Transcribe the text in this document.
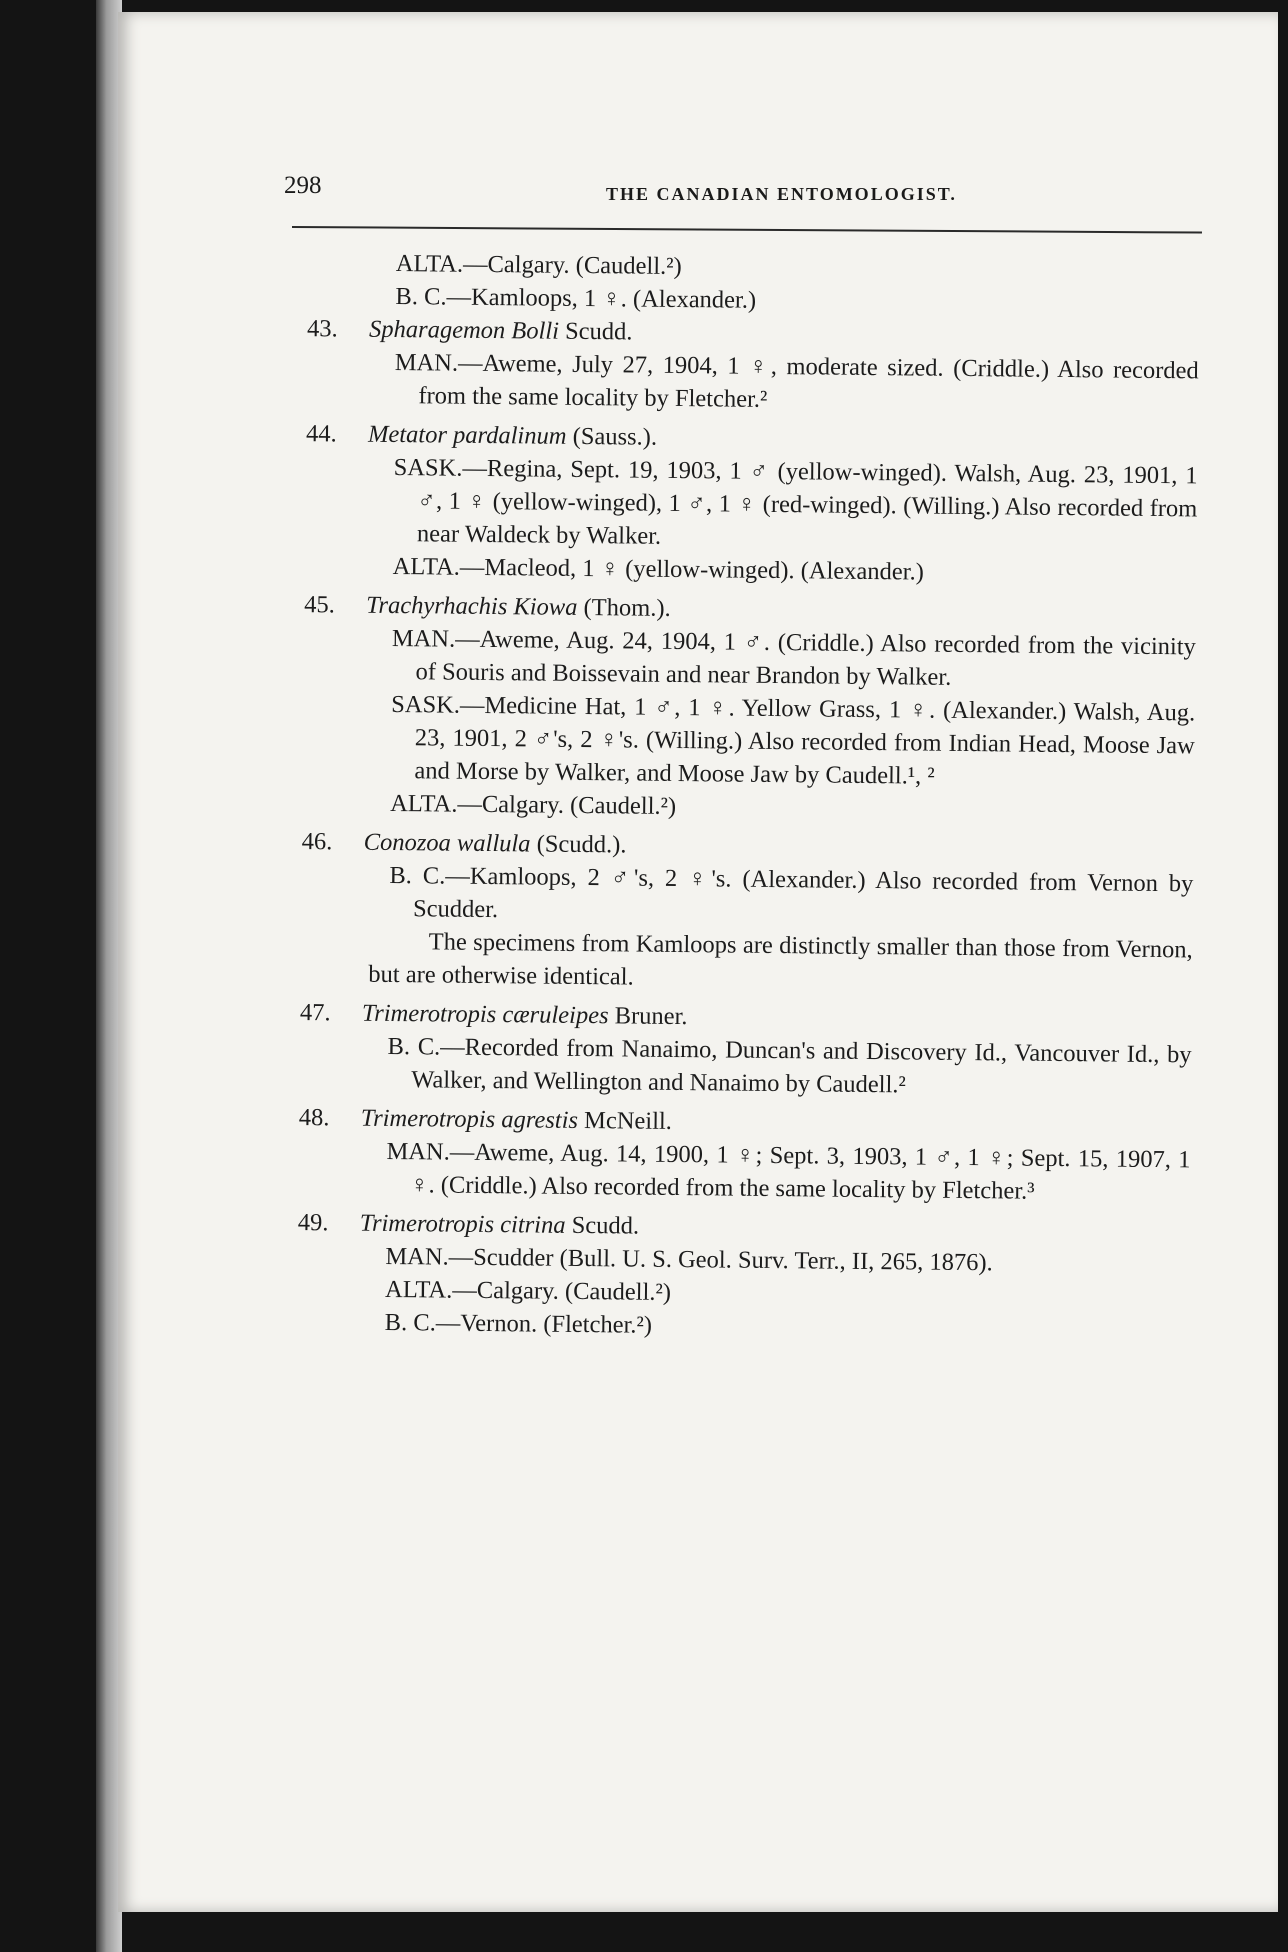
298	THE CANADIAN ENTOMOLOGIST.
ALTA.—Calgary. (Caudell.²)
B. C.—Kamloops, 1 ♀. (Alexander.)
43. Spharagemon Bolli Scudd.
MAN.—Aweme, July 27, 1904, 1 ♀, moderate sized. (Criddle.) Also recorded from the same locality by Fletcher.²
44. Metator pardalinum (Sauss.).
SASK.—Regina, Sept. 19, 1903, 1 ♂ (yellow-winged). Walsh, Aug. 23, 1901, 1 ♂, 1 ♀ (yellow-winged), 1 ♂, 1 ♀ (red-winged). (Willing.) Also recorded from near Waldeck by Walker.
ALTA.—Macleod, 1 ♀ (yellow-winged). (Alexander.)
45. Trachyrhachis Kiowa (Thom.).
MAN.—Aweme, Aug. 24, 1904, 1 ♂. (Criddle.) Also recorded from the vicinity of Souris and Boissevain and near Brandon by Walker.
SASK.—Medicine Hat, 1 ♂, 1 ♀. Yellow Grass, 1 ♀. (Alexander.) Walsh, Aug. 23, 1901, 2 ♂'s, 2 ♀'s. (Willing.) Also recorded from Indian Head, Moose Jaw and Morse by Walker, and Moose Jaw by Caudell.¹, ²
ALTA.—Calgary. (Caudell.²)
46. Conozoa wallula (Scudd.).
B. C.—Kamloops, 2 ♂'s, 2 ♀'s. (Alexander.) Also recorded from Vernon by Scudder.
The specimens from Kamloops are distinctly smaller than those from Vernon, but are otherwise identical.
47. Trimerotropis cæruleipes Bruner.
B. C.—Recorded from Nanaimo, Duncan's and Discovery Id., Vancouver Id., by Walker, and Wellington and Nanaimo by Caudell.²
48. Trimerotropis agrestis McNeill.
MAN.—Aweme, Aug. 14, 1900, 1 ♀; Sept. 3, 1903, 1 ♂, 1 ♀; Sept. 15, 1907, 1 ♀. (Criddle.) Also recorded from the same locality by Fletcher.³
49. Trimerotropis citrina Scudd.
MAN.—Scudder (Bull. U. S. Geol. Surv. Terr., II, 265, 1876).
ALTA.—Calgary. (Caudell.²)
B. C.—Vernon. (Fletcher.²)
